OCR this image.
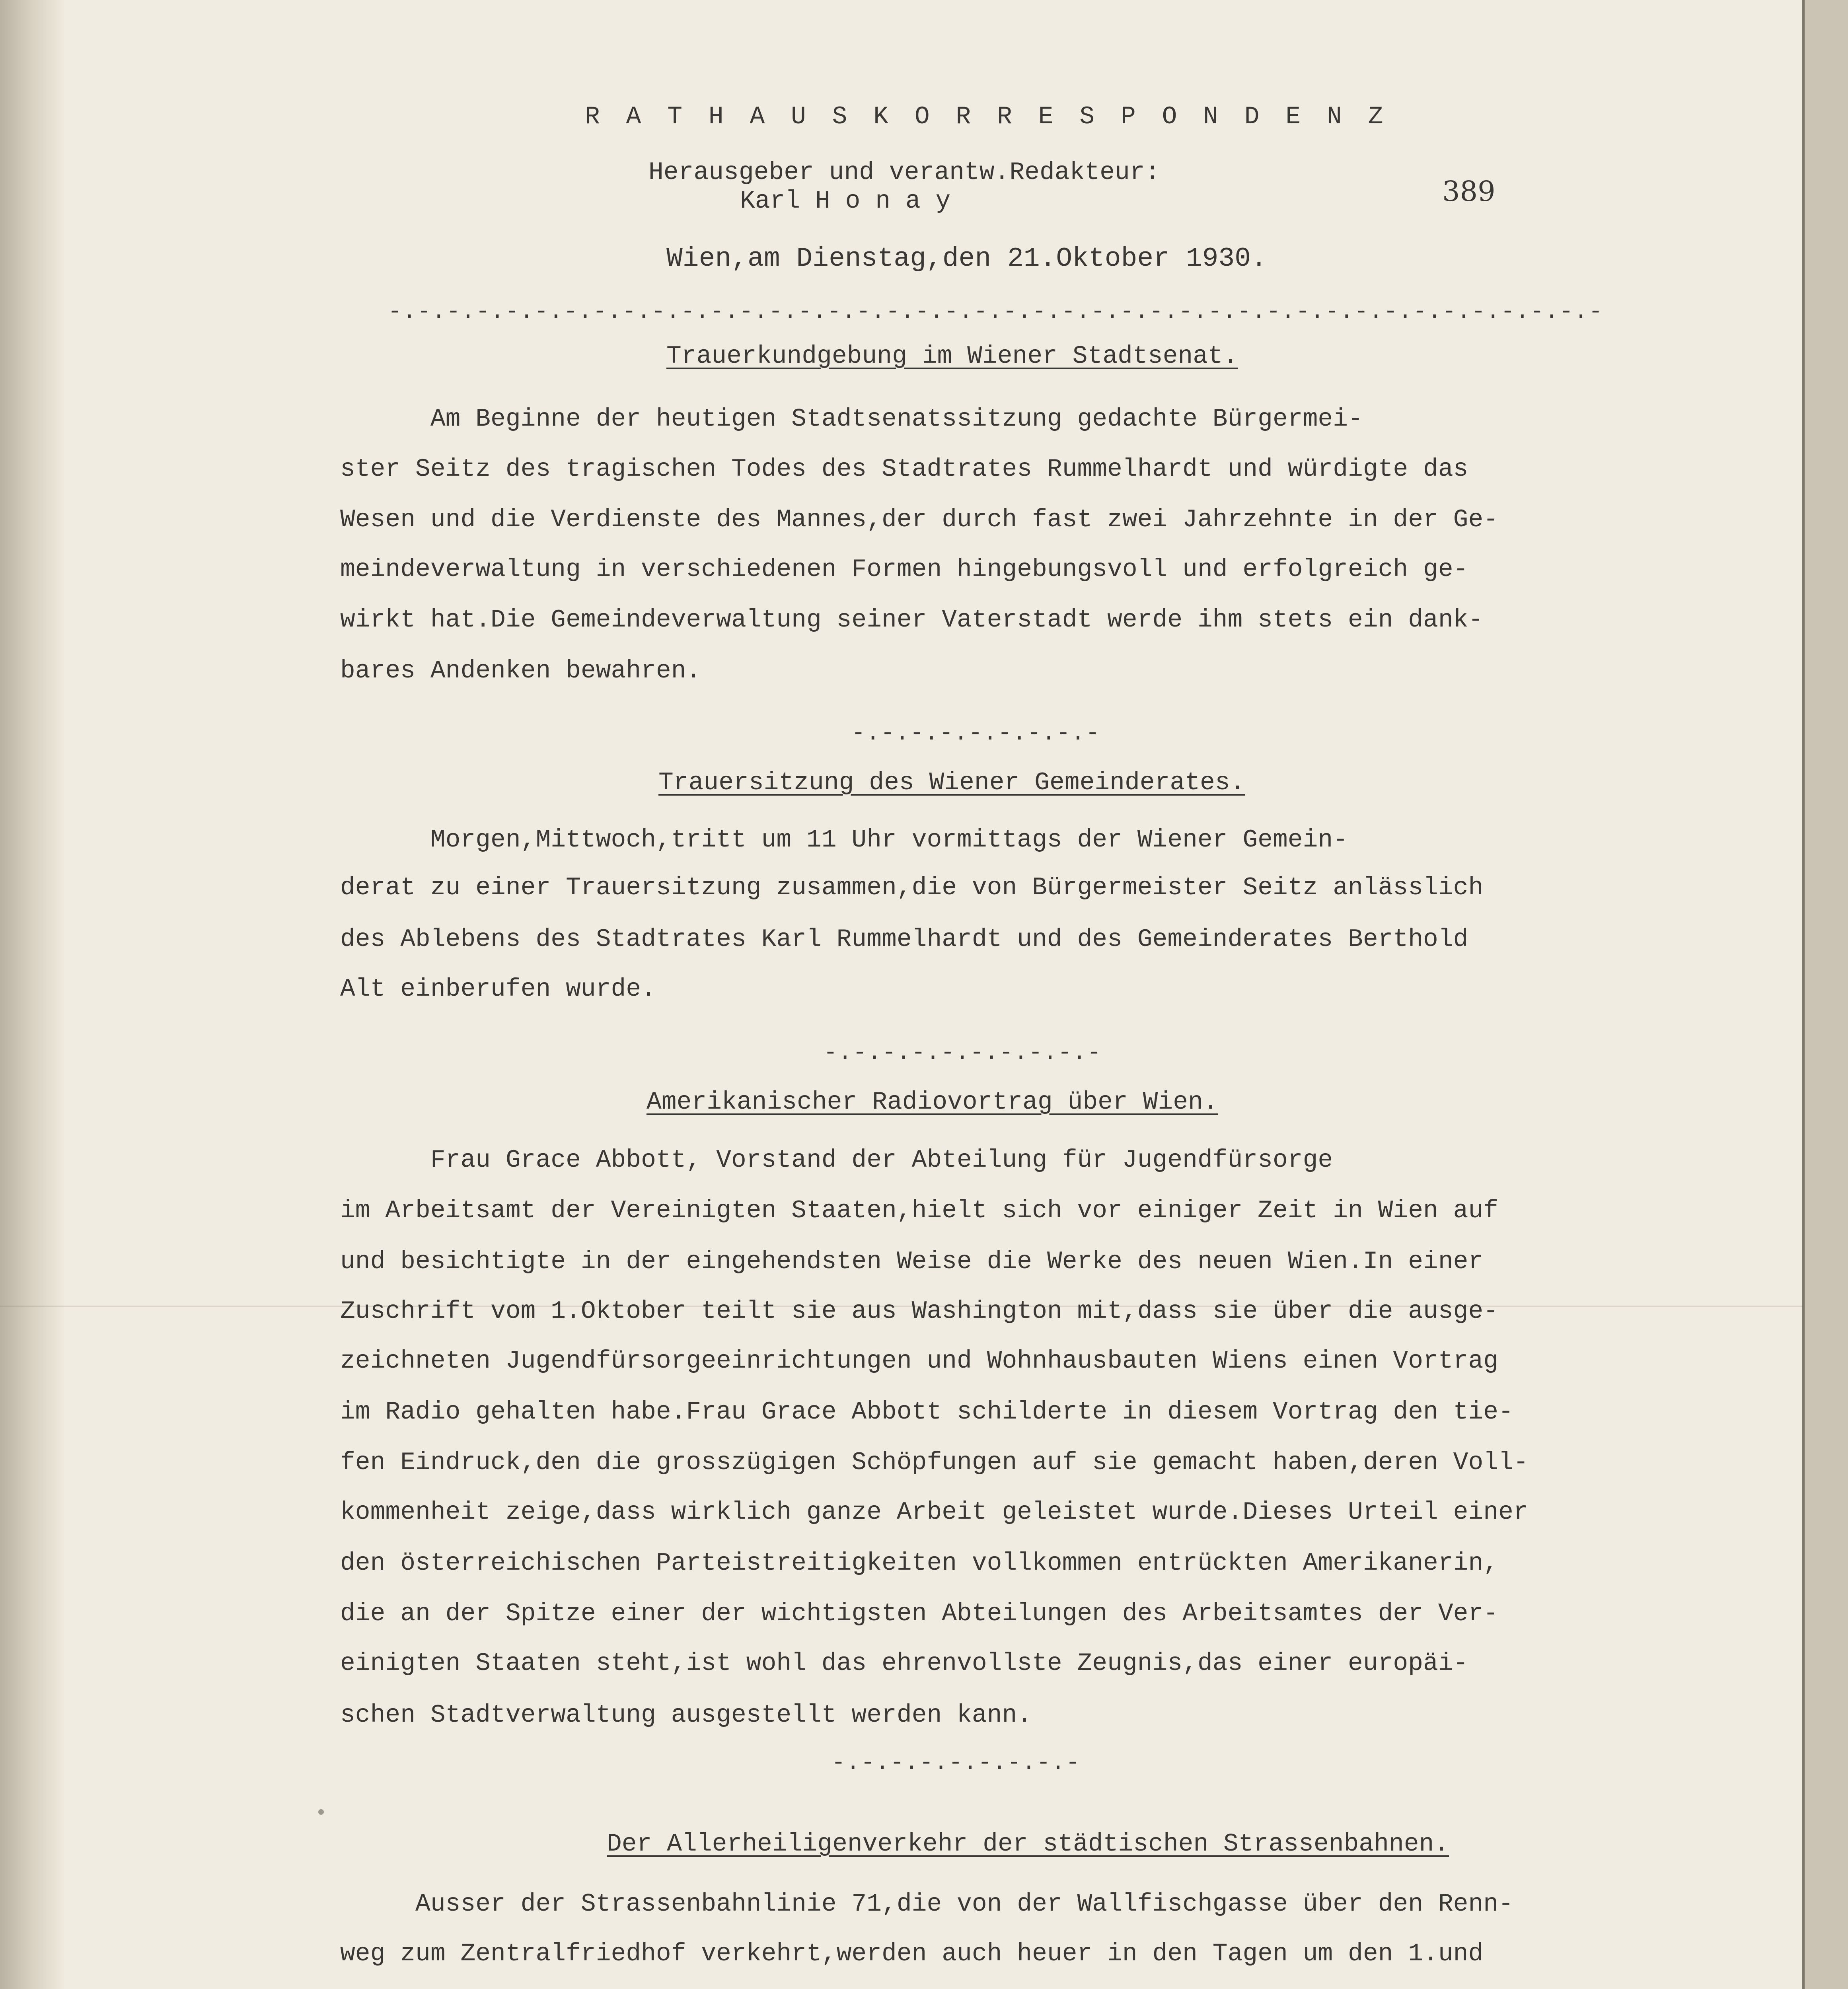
R A T H A U S K O R R E S P O N D E N Z
Herausgeber und verantw.Redakteur:
Karl H o n a y	389
Wien,am Dienstag,den 21.Oktober 1930.
-.-.-.-.-.-.-.-.-.-.-.-.-.-.-.-.-.-.-.-.-.-.-.-.-.-.-.-.-.-.-.-.-.-.-.-.-.-.-.-.-.-
Trauerkundgebung im Wiener Stadtsenat.
Am Beginne der heutigen Stadtsenatssitzung gedachte Bürgermei-
ster Seitz des tragischen Todes des Stadtrates Rummelhardt und würdigte das
Wesen und die Verdienste des Mannes,der durch fast zwei Jahrzehnte in der Ge-
meindeverwaltung in verschiedenen Formen hingebungsvoll und erfolgreich ge-
wirkt hat.Die Gemeindeverwaltung seiner Vaterstadt werde ihm stets ein dank-
bares Andenken bewahren.
-.-.-.-.-.-.-.-.-
Trauersitzung des Wiener Gemeinderates.
Morgen,Mittwoch,tritt um 11 Uhr vormittags der Wiener Gemein-
derat zu einer Trauersitzung zusammen,die von Bürgermeister Seitz anlässlich
des Ablebens des Stadtrates Karl Rummelhardt und des Gemeinderates Berthold
Alt einberufen wurde.
-.-.-.-.-.-.-.-.-.-
Amerikanischer Radiovortrag über Wien.
Frau Grace Abbott, Vorstand der Abteilung für Jugendfürsorge
im Arbeitsamt der Vereinigten Staaten,hielt sich vor einiger Zeit in Wien auf
und besichtigte in der eingehendsten Weise die Werke des neuen Wien.In einer
Zuschrift vom 1.Oktober teilt sie aus Washington mit,dass sie über die ausge-
zeichneten Jugendfürsorgeeinrichtungen und Wohnhausbauten Wiens einen Vortrag
im Radio gehalten habe.Frau Grace Abbott schilderte in diesem Vortrag den tie-
fen Eindruck,den die grosszügigen Schöpfungen auf sie gemacht haben,deren Voll-
kommenheit zeige,dass wirklich ganze Arbeit geleistet wurde.Dieses Urteil einer
den österreichischen Parteistreitigkeiten vollkommen entrückten Amerikanerin,
die an der Spitze einer der wichtigsten Abteilungen des Arbeitsamtes der Ver-
einigten Staaten steht,ist wohl das ehrenvollste Zeugnis,das einer europäi-
schen Stadtverwaltung ausgestellt werden kann.
-.-.-.-.-.-.-.-.-
Der Allerheiligenverkehr der städtischen Strassenbahnen.
Ausser der Strassenbahnlinie 71,die von der Wallfischgasse über den Renn-
weg zum Zentralfriedhof verkehrt,werden auch heuer in den Tagen um den 1.und
